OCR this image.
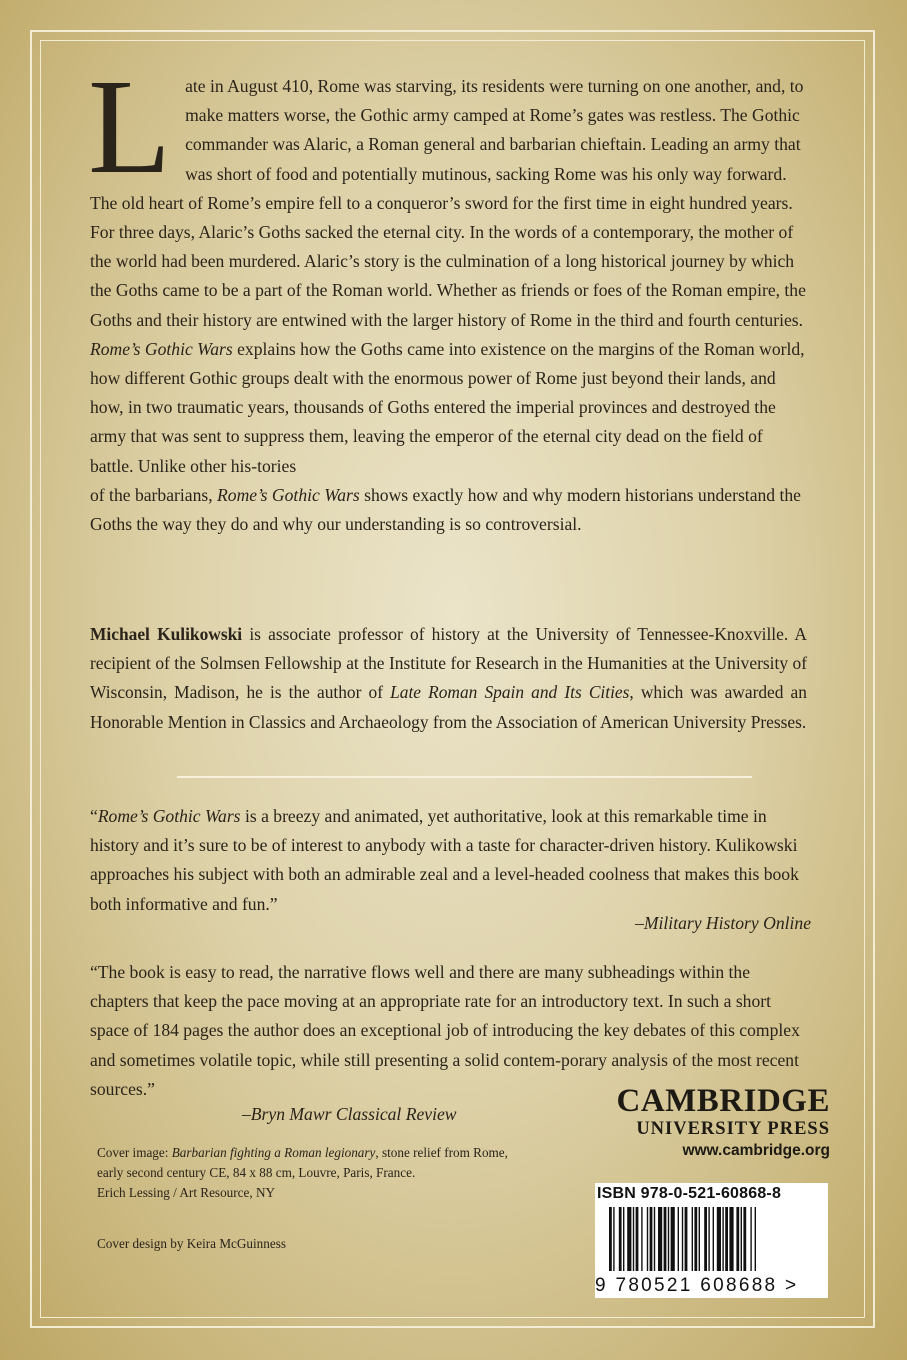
Late in August 410, Rome was starving, its residents were turning on one another, and, to make matters worse, the Gothic army camped at Rome’s gates was restless. The Gothic commander was Alaric, a Roman general and barbarian chieftain. Leading an army that was short of food and potentially mutinous, sacking Rome was his only way forward. The old heart of Rome’s empire fell to a conqueror’s sword for the first time in eight hundred years. For three days, Alaric’s Goths sacked the eternal city. In the words of a contemporary, the mother of the world had been murdered. Alaric’s story is the culmination of a long historical journey by which the Goths came to be a part of the Roman world. Whether as friends or foes of the Roman empire, the Goths and their history are entwined with the larger history of Rome in the third and fourth centuries. Rome’s Gothic Wars explains how the Goths came into existence on the margins of the Roman world, how different Gothic groups dealt with the enormous power of Rome just beyond their lands, and how, in two traumatic years, thousands of Goths entered the imperial provinces and destroyed the army that was sent to suppress them, leaving the emperor of the eternal city dead on the field of battle. Unlike other his-tories
of the barbarians, Rome’s Gothic Wars shows exactly how and why modern historians understand the Goths the way they do and why our understanding is so controversial.

Michael Kulikowski is associate professor of history at the University of Tennessee-Knoxville. A recipient of the Solmsen Fellowship at the Institute for Research in the Humanities at the University of Wisconsin, Madison, he is the author of Late Roman Spain and Its Cities, which was awarded an Honorable Mention in Classics and Archaeology from the Association of American University Presses.

“Rome’s Gothic Wars is a breezy and animated, yet authoritative, look at this remarkable time in history and it’s sure to be of interest to anybody with a taste for character-driven history. Kulikowski approaches his subject with both an admirable zeal and a level-headed coolness that makes this book both informative and fun.”

–Military History Online

“The book is easy to read, the narrative flows well and there are many subheadings within the chapters that keep the pace moving at an appropriate rate for an introductory text. In such a short space of 184 pages the author does an exceptional job of introducing the key debates of this complex and sometimes volatile topic, while still presenting a solid contem-porary analysis of the most recent sources.”

–Bryn Mawr Classical Review

Cover image: Barbarian fighting a Roman legionary, stone relief from Rome, early second century CE, 84 x 88 cm, Louvre, Paris, France.
Erich Lessing / Art Resource, NY

Cover design by Keira McGuinness
CAMBRIDGE
UNIVERSITY PRESS
www.cambridge.org
ISBN 978-0-521-60868-8
9 780521 608688 >
